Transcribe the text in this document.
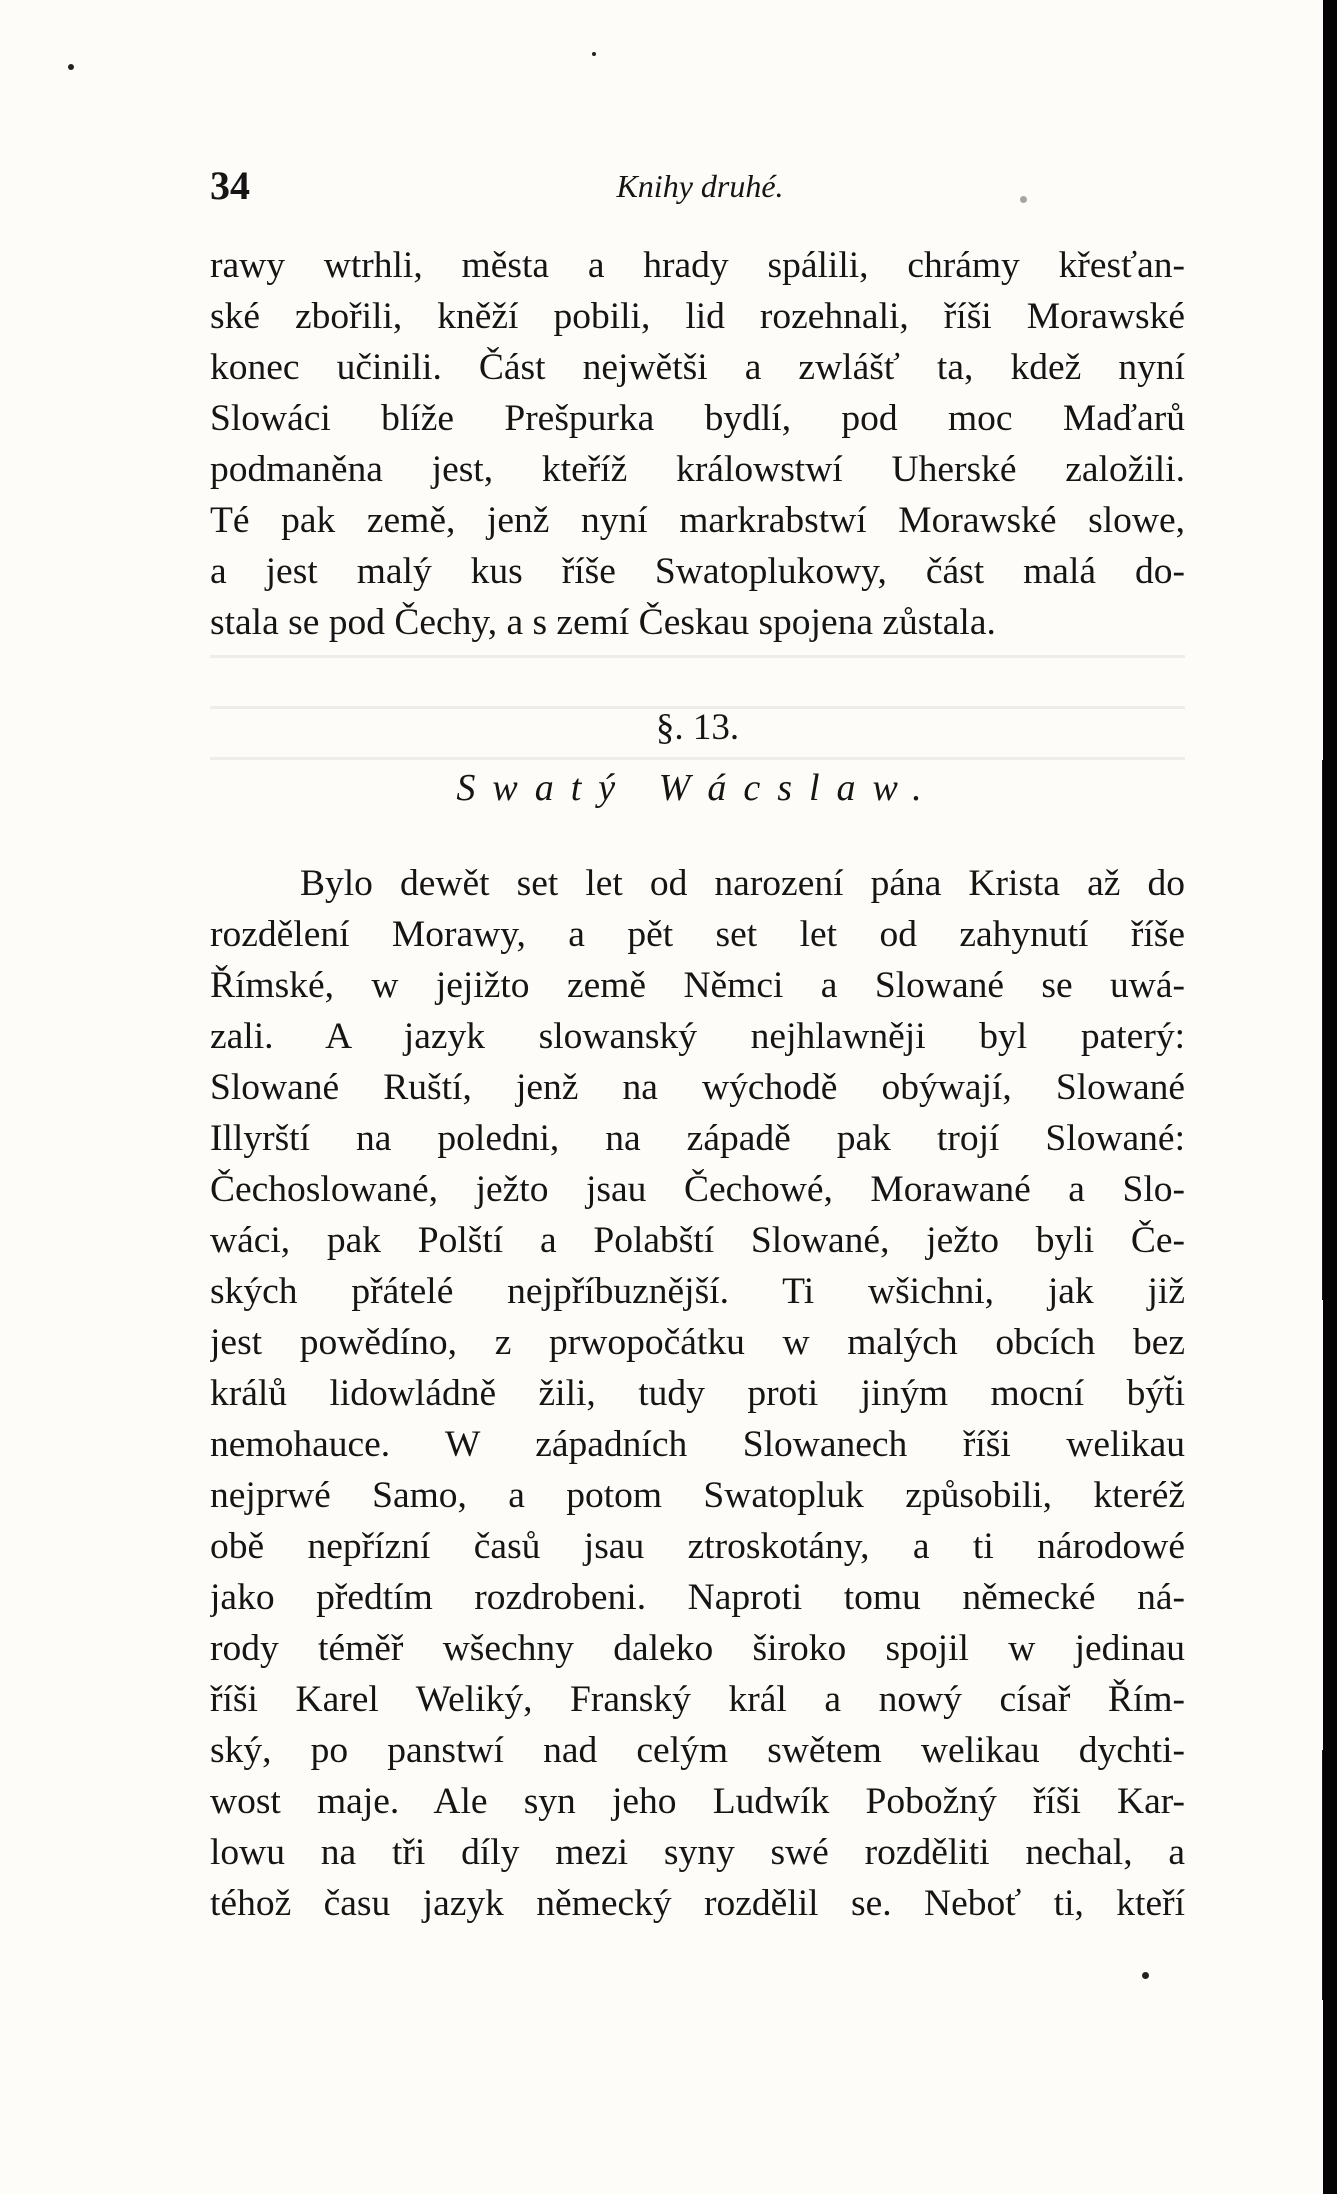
34	Knihy druhé.
rawy wtrhli, města a hrady spálili, chrámy křesťan-
ské zbořili, kněží pobili, lid rozehnali, říši Morawské
konec učinili. Část nejwětši a zwlášť ta, kdež nyní
Slowáci blíže Prešpurka bydlí, pod moc Maďarů
podmaněna jest, kteříž králowstwí Uherské založili.
Té pak země, jenž nyní markrabstwí Morawské slowe,
a jest malý kus říše Swatoplukowy, část malá do-
stala se pod Čechy, a s zemí Českau spojena zůstala.
§. 13.
Swatý Wácslaw.
Bylo dewět set let od narození pána Krista až do
rozdělení Morawy, a pět set let od zahynutí říše
Římské, w jejižto země Němci a Slowané se uwá-
zali. A jazyk slowanský nejhlawněji byl paterý:
Slowané Ruští, jenž na wýchodě obýwají, Slowané
Illyrští na poledni, na západě pak trojí Slowané:
Čechoslowané, ježto jsau Čechowé, Morawané a Slo-
wáci, pak Polští a Polabští Slowané, ježto byli Če-
ských přátelé nejpříbuznější. Ti wšichni, jak již
jest powědíno, z prwopočátku w malých obcích bez
králů lidowládně žili, tudy proti jiným mocní být̆i
nemohauce. W západních Slowanech říši welikau
nejprwé Samo, a potom Swatopluk způsobili, kteréž
obě nepřízní časů jsau ztroskotány, a ti národowé
jako předtím rozdrobeni. Naproti tomu německé ná-
rody téměř wšechny daleko široko spojil w jedinau
říši Karel Weliký, Franský král a nowý císař Řím-
ský, po panstwí nad celým swětem welikau dychti-
wost maje. Ale syn jeho Ludwík Pobožný říši Kar-
lowu na tři díly mezi syny swé rozděliti nechal, a
téhož času jazyk německý rozdělil se. Neboť ti, kteří
